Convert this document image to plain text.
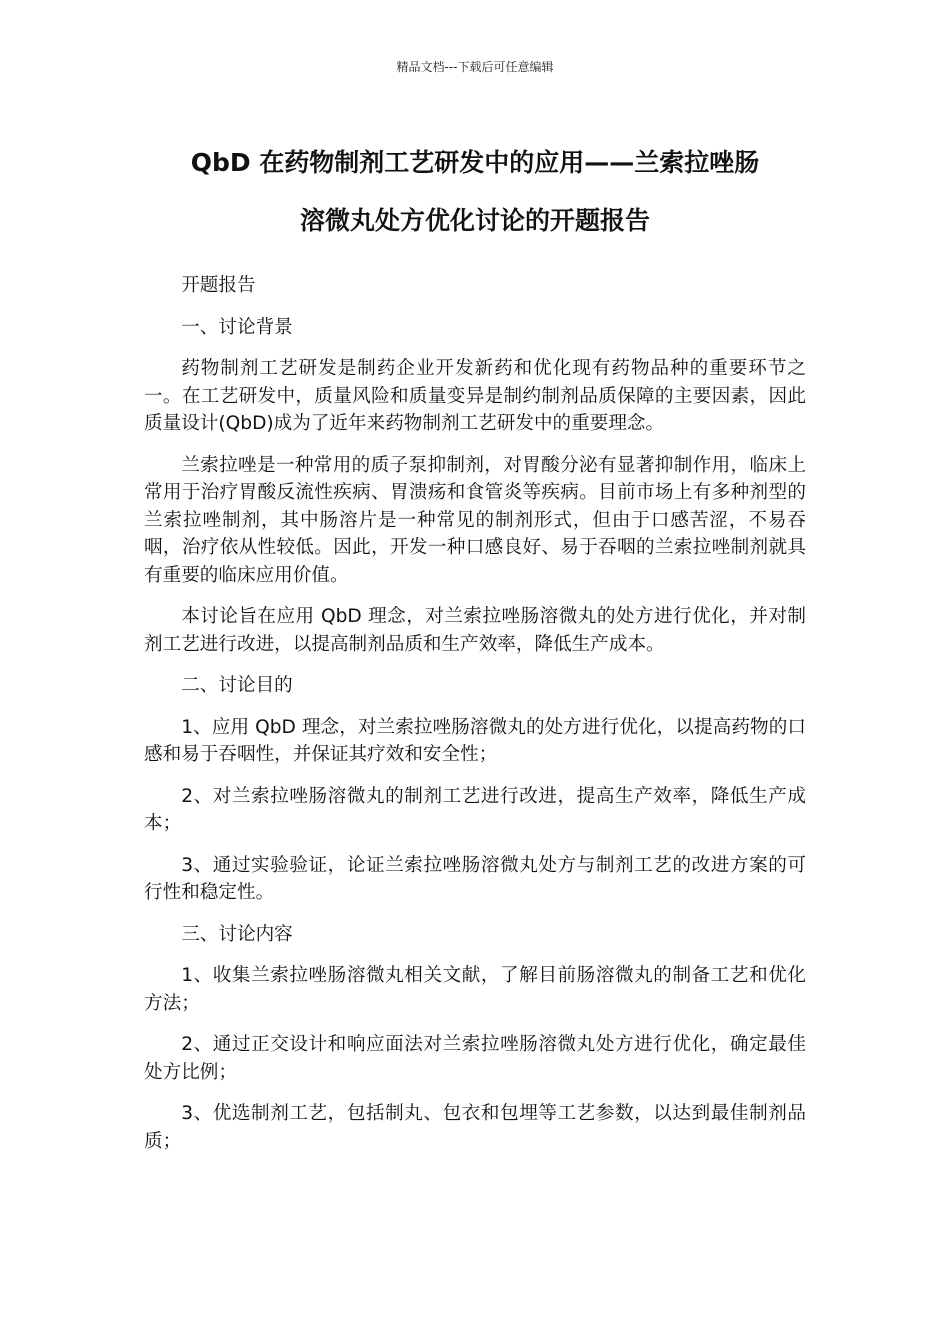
精品文档---下载后可任意编辑
QbD 在药物制剂工艺研发中的应用——兰索拉唑肠
溶微丸处方优化讨论的开题报告

开题报告

一、讨论背景

药物制剂工艺研发是制药企业开发新药和优化现有药物品种的重要环节之一。在工艺研发中，质量风险和质量变异是制约制剂品质保障的主要因素，因此质量设计(QbD)成为了近年来药物制剂工艺研发中的重要理念。

兰索拉唑是一种常用的质子泵抑制剂，对胃酸分泌有显著抑制作用，临床上常用于治疗胃酸反流性疾病、胃溃疡和食管炎等疾病。目前市场上有多种剂型的兰索拉唑制剂，其中肠溶片是一种常见的制剂形式，但由于口感苦涩，不易吞咽，治疗依从性较低。因此，开发一种口感良好、易于吞咽的兰索拉唑制剂就具有重要的临床应用价值。

本讨论旨在应用 QbD 理念，对兰索拉唑肠溶微丸的处方进行优化，并对制剂工艺进行改进，以提高制剂品质和生产效率，降低生产成本。

二、讨论目的

1、应用 QbD 理念，对兰索拉唑肠溶微丸的处方进行优化，以提高药物的口感和易于吞咽性，并保证其疗效和安全性；

2、对兰索拉唑肠溶微丸的制剂工艺进行改进，提高生产效率，降低生产成本；

3、通过实验验证，论证兰索拉唑肠溶微丸处方与制剂工艺的改进方案的可行性和稳定性。

三、讨论内容

1、收集兰索拉唑肠溶微丸相关文献，了解目前肠溶微丸的制备工艺和优化方法；

2、通过正交设计和响应面法对兰索拉唑肠溶微丸处方进行优化，确定最佳处方比例；

3、优选制剂工艺，包括制丸、包衣和包埋等工艺参数，以达到最佳制剂品质；
